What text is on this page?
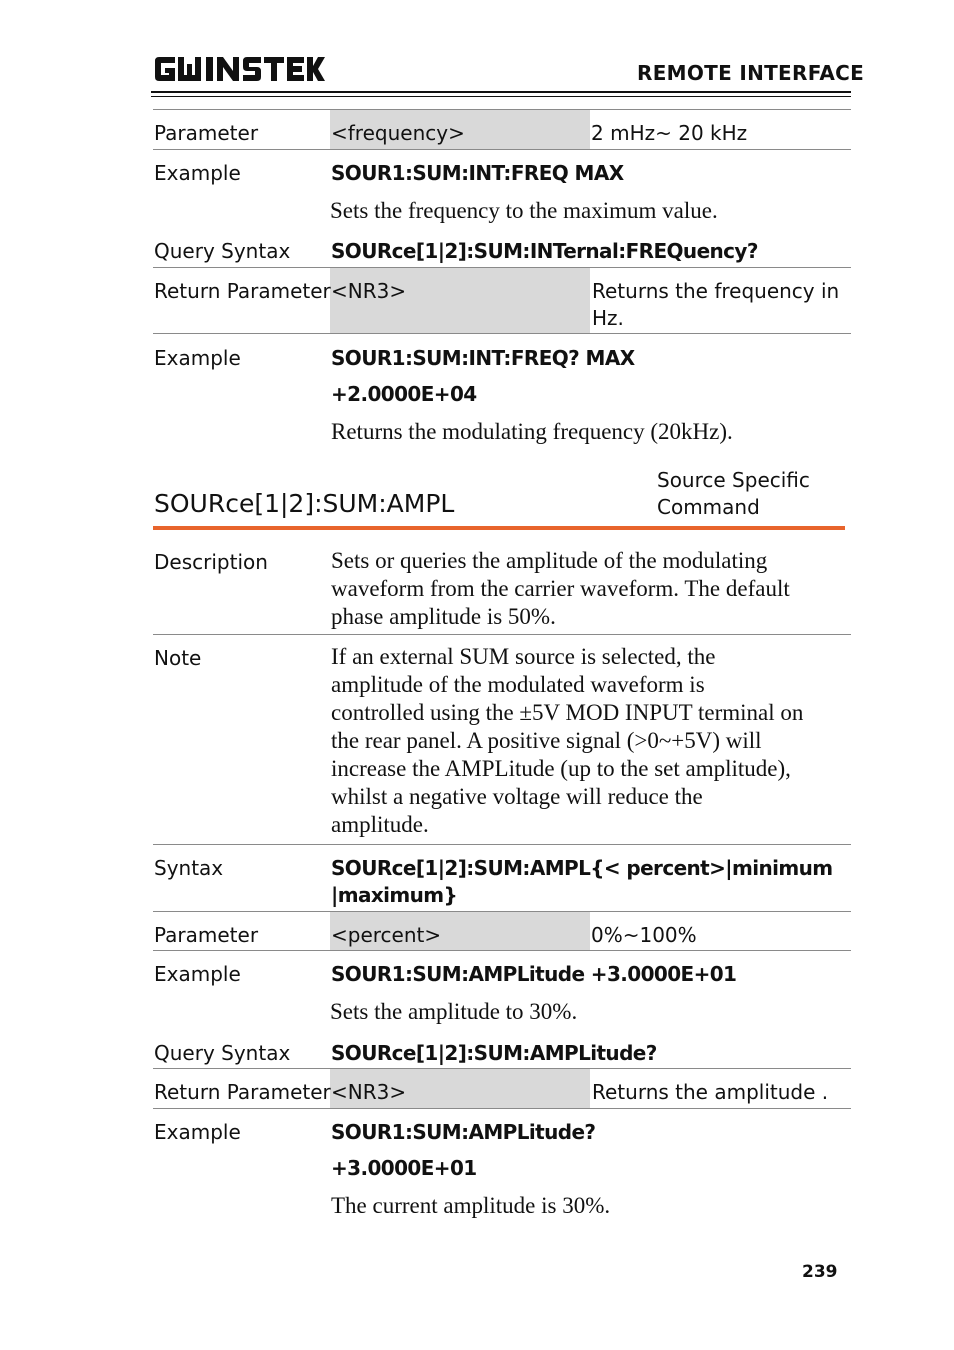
GW INSTEK
REMOTE INTERFACE
Parameter	<frequency>	2 mHz~ 20 kHz
Example	SOUR1:SUM:INT:FREQ MAX
Sets the frequency to the maximum value.
Query Syntax SOURce[1|2]:SUM:INTernal:FREQuency?
Return Parameter <NR3>	Returns the frequency in
Hz.
Example	SOUR1:SUM:INT:FREQ? MAX
+2.0000E+04
Returns the modulating frequency (20kHz).
SOURce[1|2]:SUM:AMPL
Source Specific
Command
Description	Sets or queries the amplitude of the modulating
waveform from the carrier waveform. The default
phase amplitude is 50%.
Note	If an external SUM source is selected, the
amplitude of the modulated waveform is
controlled using the ±5V MOD INPUT terminal on
the rear panel. A positive signal (>0~+5V) will
increase the AMPLitude (up to the set amplitude),
whilst a negative voltage will reduce the
amplitude.
Syntax	SOURce[1|2]:SUM:AMPL{< percent>|minimum
|maximum}
Parameter	<percent>	0%~100%
Example	SOUR1:SUM:AMPLitude +3.0000E+01
Sets the amplitude to 30%.
Query Syntax SOURce[1|2]:SUM:AMPLitude?
Return Parameter <NR3>	Returns the amplitude .
Example	SOUR1:SUM:AMPLitude?
+3.0000E+01
The current amplitude is 30%.
239
